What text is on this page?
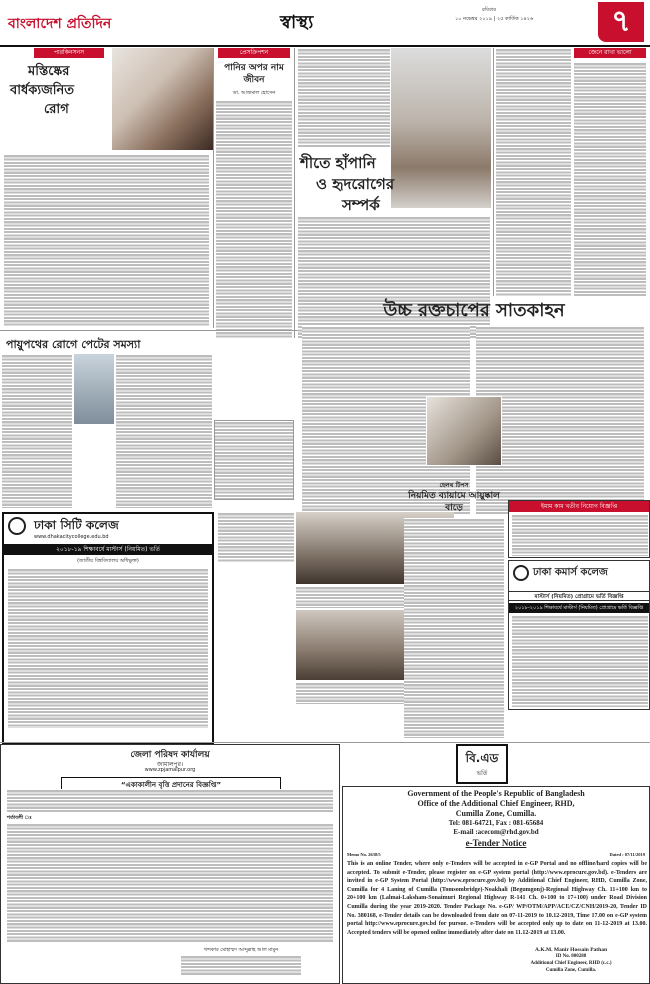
বাংলাদেশ প্রতিদিন	স্বাস্থ্য
রবিবার
১০ নভেম্বর ২০১৯ | ২৫ কার্তিক ১৪২৬	৭
পারকিনসনস
মস্তিষ্কের
বার্ধক্যজনিত
রোগ
প্রেসক্রিপশন
পানির অপর নাম জীবন
ডা. আজমাল হোসেন
শীতে হাঁপানি
ও হৃদরোগের
সম্পর্ক
জেনে রাখা ভালো
উচ্চ রক্তচাপের সাতকাহন
পায়ুপথের রোগে পেটের সমস্যা
ঢাকা সিটি কলেজ
www.dhakacitycollege.edu.bd
২০১৮-১৯ শিক্ষাবর্ষে মাস্টার্স (নিয়মিত) ভর্তি
(জাতীয় বিশ্ববিদ্যালয় অধিভুক্ত)
হেলথ টিপস
নিয়মিত ব্যায়ামে আয়ুষ্কাল বাড়ে	ইমাম কাম খতীব নিয়োগ বিজ্ঞপ্তি
ঢাকা কমার্স কলেজ
মাস্টার্স (নিয়মিত) প্রোগ্রামে ভর্তি বিজ্ঞপ্তি
২০১৮-২০১৯ শিক্ষাবর্ষে মাস্টার্স (নিয়মিত) প্রোগ্রামে ভর্তি বিজ্ঞপ্তি
বি.এড
ভর্তি
জেলা পরিষদ কার্যালয়
জামালপুর।
www.zpjamalpur.org
“একাকালীন বৃত্তি প্রদানের বিজ্ঞপ্তি”
শর্তাবলী ঃ
খন্দকার মোহাম্মদ আব্দুল্লাহ আল মামুন
Government of the People's Republic of Bangladesh
Office of the Additional Chief Engineer, RHD,
Cumilla Zone, Cumilla.
Tel: 081-64721, Fax : 081-65684
E-mail :acecom@rhd.gov.bd
e-Tender Notice
Memo No. 2638/5	Dated : 07/11/2019
This is an online Tender, where only e-Tenders will be accepted in e-GP Portal and no offline/hard copies will be accepted. To submit e-Tender, please register on e-GP system portal (http://www.eprocure.gov.bd). e-Tenders are invited in e-GP System Portal (http://www.eprocure.gov.bd) by Additional Chief Engineer, RHD, Cumilla Zone, Cumilla for 4 Laning of Cumilla (Tomsombridge)-Noakhali (Begumgonj)-Regional Highway Ch. 11+100 km to 20+100 km (Lalmai-Laksham-Sonaimuri Regional Highway R-141 Ch. 0+100 to 17+100) under Road Division Cumilla during the year 2019-2020. Tender Package No. e-GP/ WP/OTM/APP/ACE/CZ/CNH/2019-20, Tender ID No. 380168, e-Tender details can be downloaded from date on 07-11-2019 to 10.12-2019, Time 17.00 on e-GP system portal http://www.eprocure.gov.bd for pursue. e-Tenders will be accepted only up to date on 11-12-2019 at 13.00. Accepted tenders will be opened online immediately after date on 11.12-2019 at 13.00.
A.K.M. Manir Hossain Pathan
ID No. 800288
Additional Chief Engineer, RHD (c.c.)
Cumilla Zone, Cumilla.
